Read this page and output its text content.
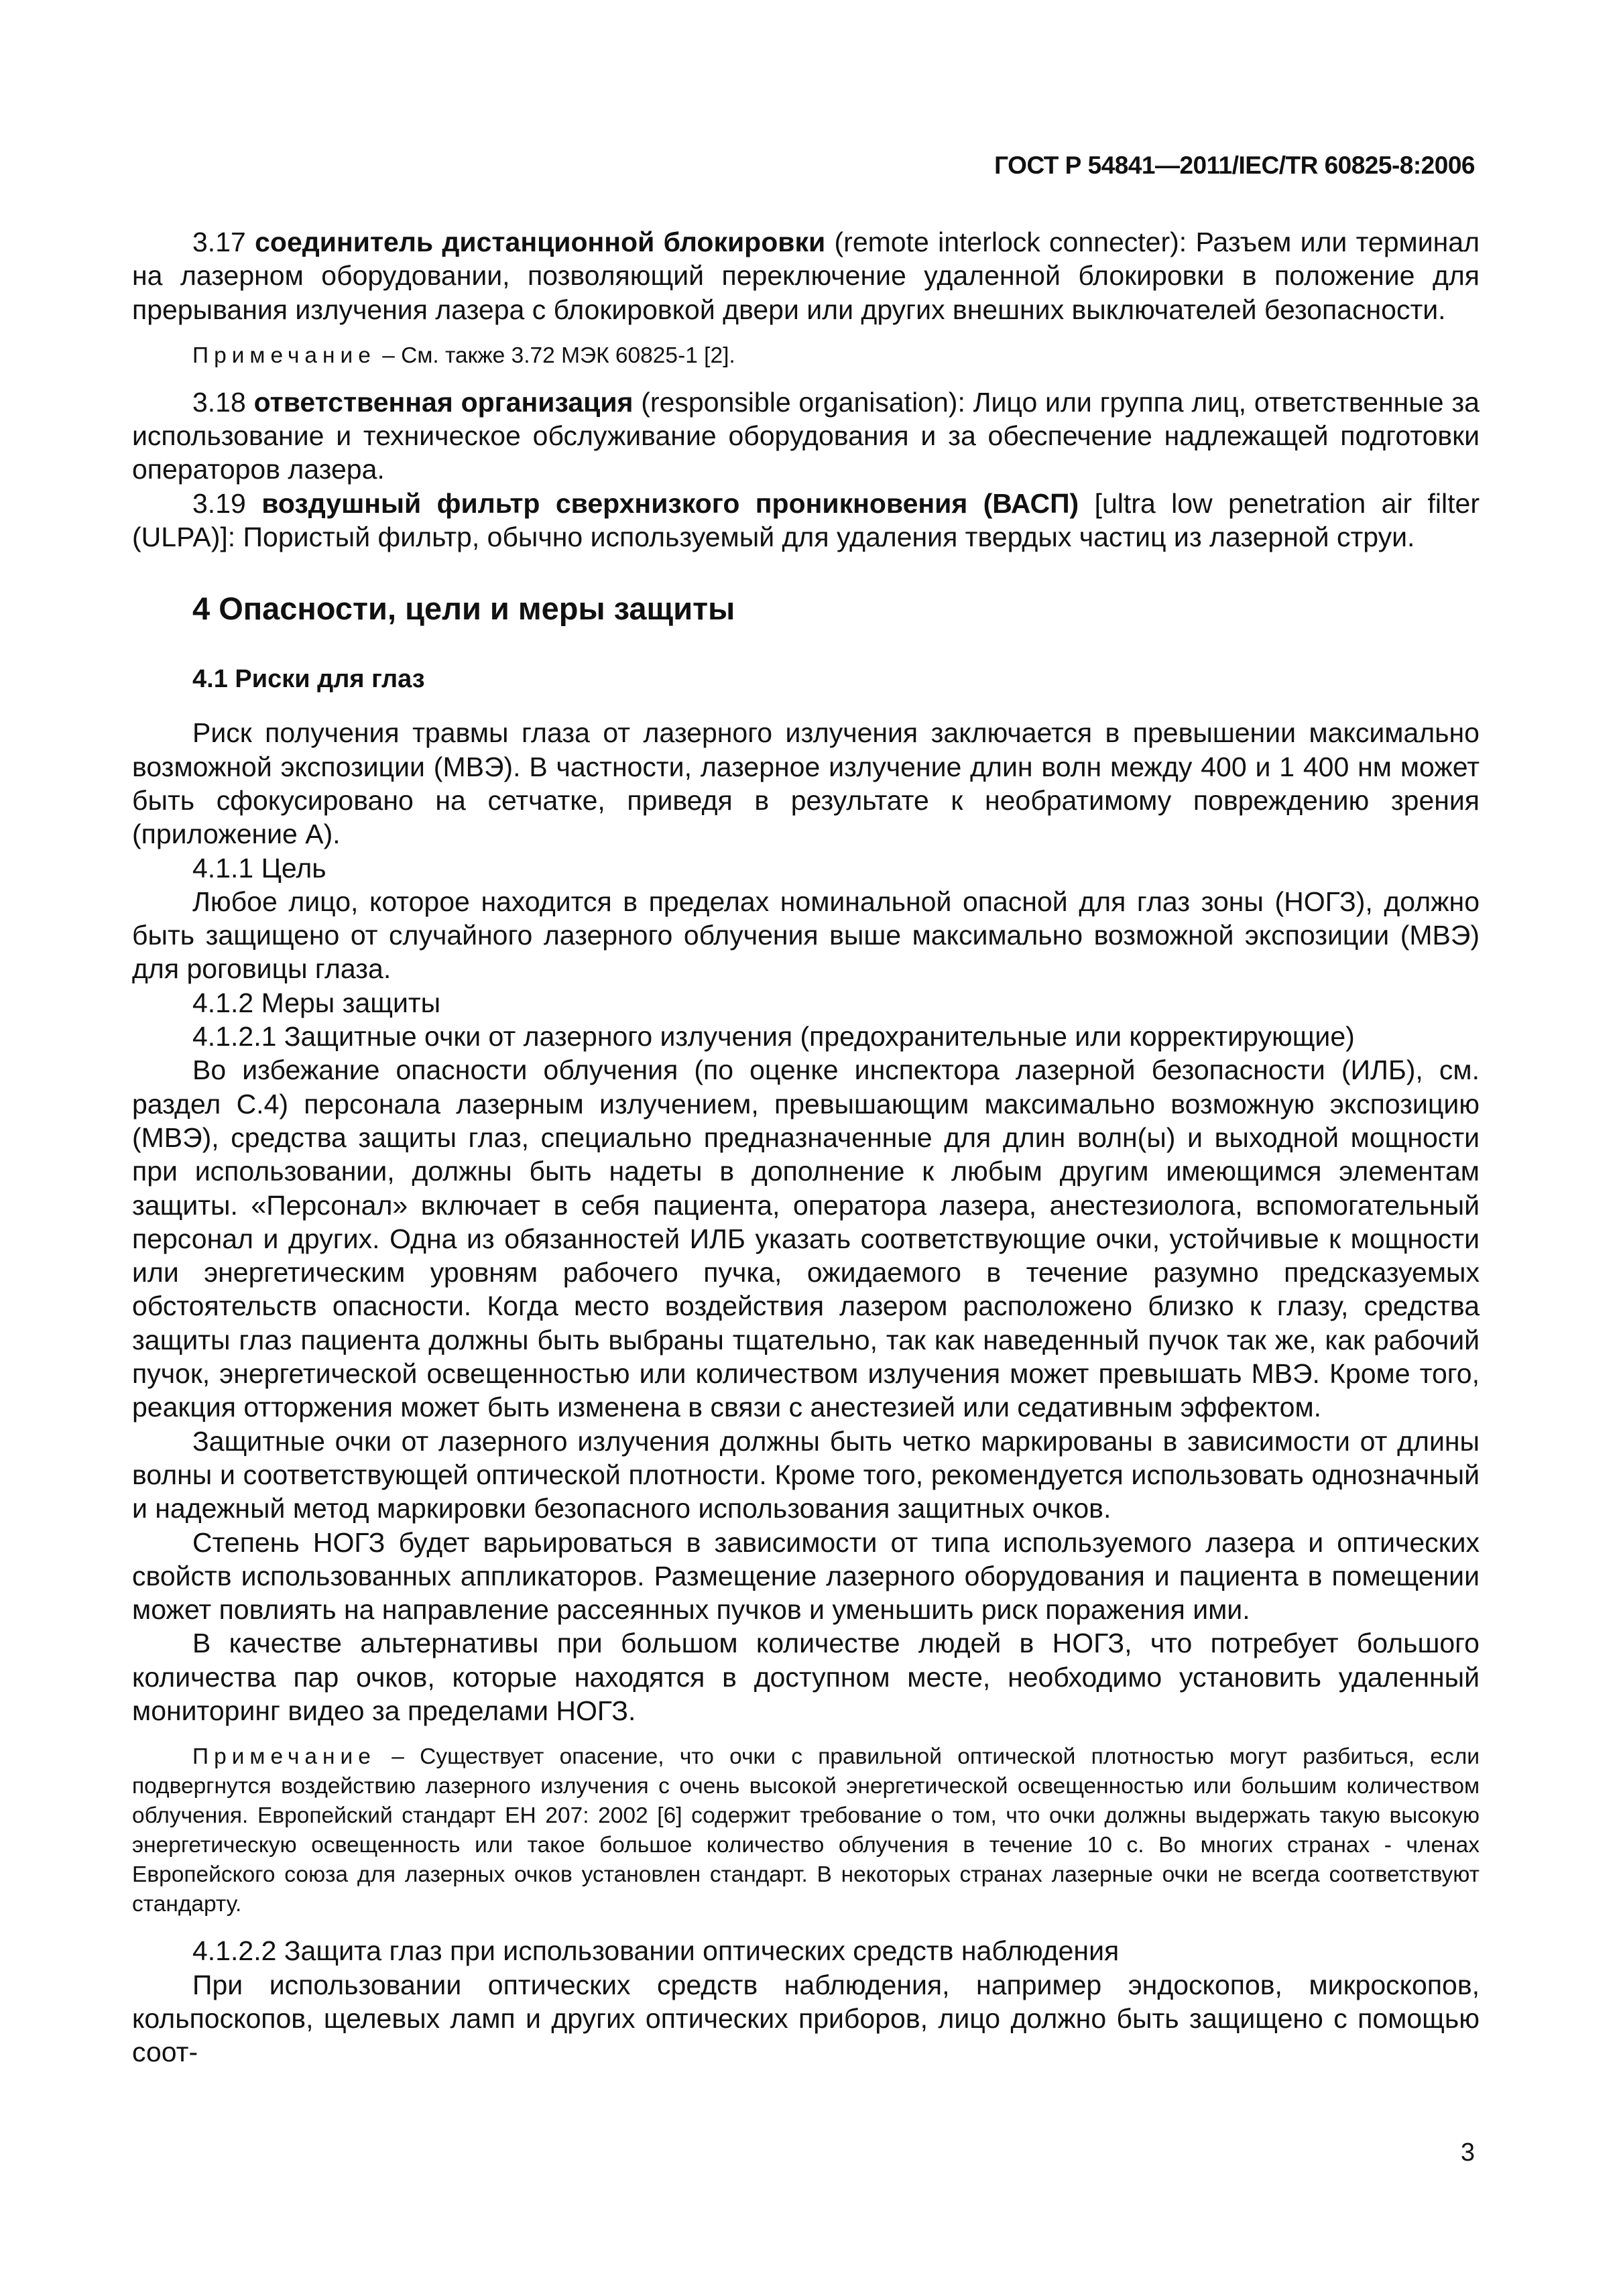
ГОСТ Р 54841—2011/IEC/TR 60825-8:2006

3.17 соединитель дистанционной блокировки (remote interlock connecter): Разъем или терминал на лазерном оборудовании, позволяющий переключение удаленной блокировки в положение для прерывания излучения лазера с блокировкой двери или других внешних выключателей безопасности.

Примечание – См. также 3.72 МЭК 60825-1 [2].

3.18 ответственная организация (responsible organisation): Лицо или группа лиц, ответственные за использование и техническое обслуживание оборудования и за обеспечение надлежащей подготовки операторов лазера.

3.19 воздушный фильтр сверхнизкого проникновения (ВАСП) [ultra low penetration air filter (ULPA)]: Пористый фильтр, обычно используемый для удаления твердых частиц из лазерной струи.

4 Опасности, цели и меры защиты
4.1 Риски для глаз

Риск получения травмы глаза от лазерного излучения заключается в превышении максимально возможной экспозиции (МВЭ). В частности, лазерное излучение длин волн между 400 и 1 400 нм может быть сфокусировано на сетчатке, приведя в результате к необратимому повреждению зрения (приложение А).

4.1.1 Цель

Любое лицо, которое находится в пределах номинальной опасной для глаз зоны (НОГЗ), должно быть защищено от случайного лазерного облучения выше максимально возможной экспозиции (МВЭ) для роговицы глаза.

4.1.2 Меры защиты

4.1.2.1 Защитные очки от лазерного излучения (предохранительные или корректирующие)

Во избежание опасности облучения (по оценке инспектора лазерной безопасности (ИЛБ), см. раздел С.4) персонала лазерным излучением, превышающим максимально возможную экспозицию (МВЭ), средства защиты глаз, специально предназначенные для длин волн(ы) и выходной мощности при использовании, должны быть надеты в дополнение к любым другим имеющимся элементам защиты. «Персонал» включает в себя пациента, оператора лазера, анестезиолога, вспомогательный персонал и других. Одна из обязанностей ИЛБ указать соответствующие очки, устойчивые к мощности или энергетическим уровням рабочего пучка, ожидаемого в течение разумно предсказуемых обстоятельств опасности. Когда место воздействия лазером расположено близко к глазу, средства защиты глаз пациента должны быть выбраны тщательно, так как наведенный пучок так же, как рабочий пучок, энергетической освещенностью или количеством излучения может превышать МВЭ. Кроме того, реакция отторжения может быть изменена в связи с анестезией или седативным эффектом.

Защитные очки от лазерного излучения должны быть четко маркированы в зависимости от длины волны и соответствующей оптической плотности. Кроме того, рекомендуется использовать однозначный и надежный метод маркировки безопасного использования защитных очков.

Степень НОГЗ будет варьироваться в зависимости от типа используемого лазера и оптических свойств использованных аппликаторов. Размещение лазерного оборудования и пациента в помещении может повлиять на направление рассеянных пучков и уменьшить риск поражения ими.

В качестве альтернативы при большом количестве людей в НОГЗ, что потребует большого количества пар очков, которые находятся в доступном месте, необходимо установить удаленный мониторинг видео за пределами НОГЗ.

Примечание – Существует опасение, что очки с правильной оптической плотностью могут разбиться, если подвергнутся воздействию лазерного излучения с очень высокой энергетической освещенностью или большим количеством облучения. Европейский стандарт ЕН 207: 2002 [6] содержит требование о том, что очки должны выдержать такую высокую энергетическую освещенность или такое большое количество облучения в течение 10 с. Во многих странах - членах Европейского союза для лазерных очков установлен стандарт. В некоторых странах лазерные очки не всегда соответствуют стандарту.

4.1.2.2 Защита глаз при использовании оптических средств наблюдения

При использовании оптических средств наблюдения, например эндоскопов, микроскопов, кольпоскопов, щелевых ламп и других оптических приборов, лицо должно быть защищено с помощью соот-

3
